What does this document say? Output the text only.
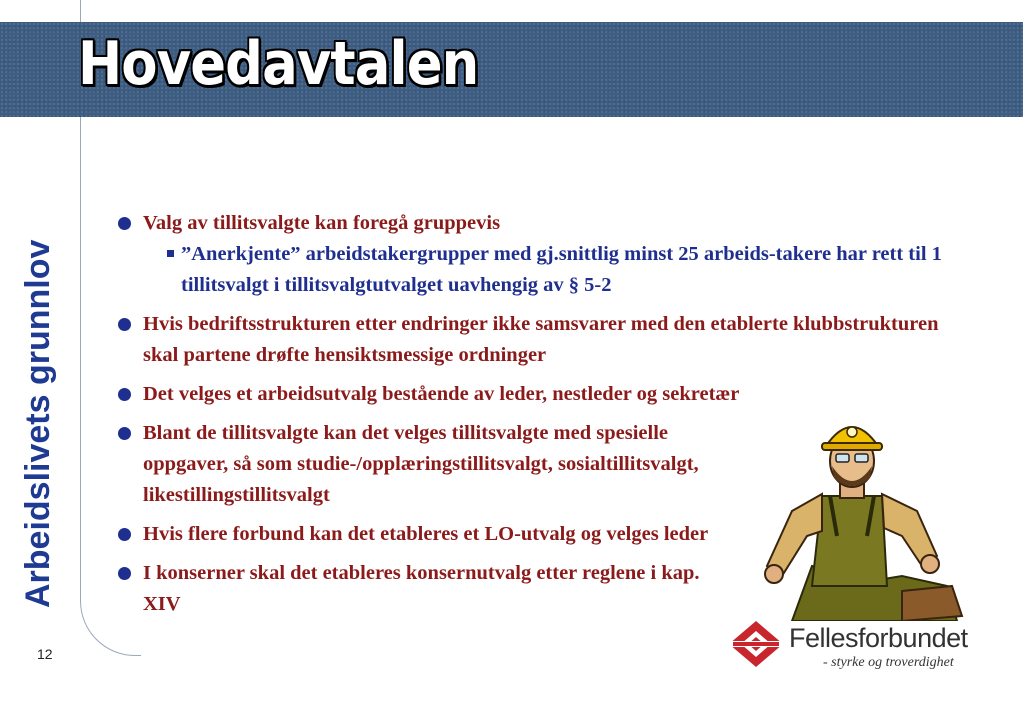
Hovedavtalen
Arbeidslivets grunnlov
12
Valg av tillitsvalgte kan foregå gruppevis
”Anerkjente” arbeidstakergrupper med gj.snittlig minst 25 arbeids-takere har rett til 1 tillitsvalgt i tillitsvalgtutvalget uavhengig av § 5-2
Hvis bedriftsstrukturen etter endringer ikke samsvarer med den etablerte klubbstrukturen skal partene drøfte hensiktsmessige ordninger
Det velges et arbeidsutvalg bestående av leder, nestleder og sekretær
Blant de tillitsvalgte kan det velges tillitsvalgte med spesielle oppgaver, så som studie-/opplæringstillitsvalgt, sosialtillitsvalgt, likestillingstillitsvalgt
Hvis flere forbund kan det etableres et LO-utvalg og velges leder
I konserner skal det etableres konsernutvalg etter reglene i kap. XIV
Fellesforbundet
- styrke og troverdighet
